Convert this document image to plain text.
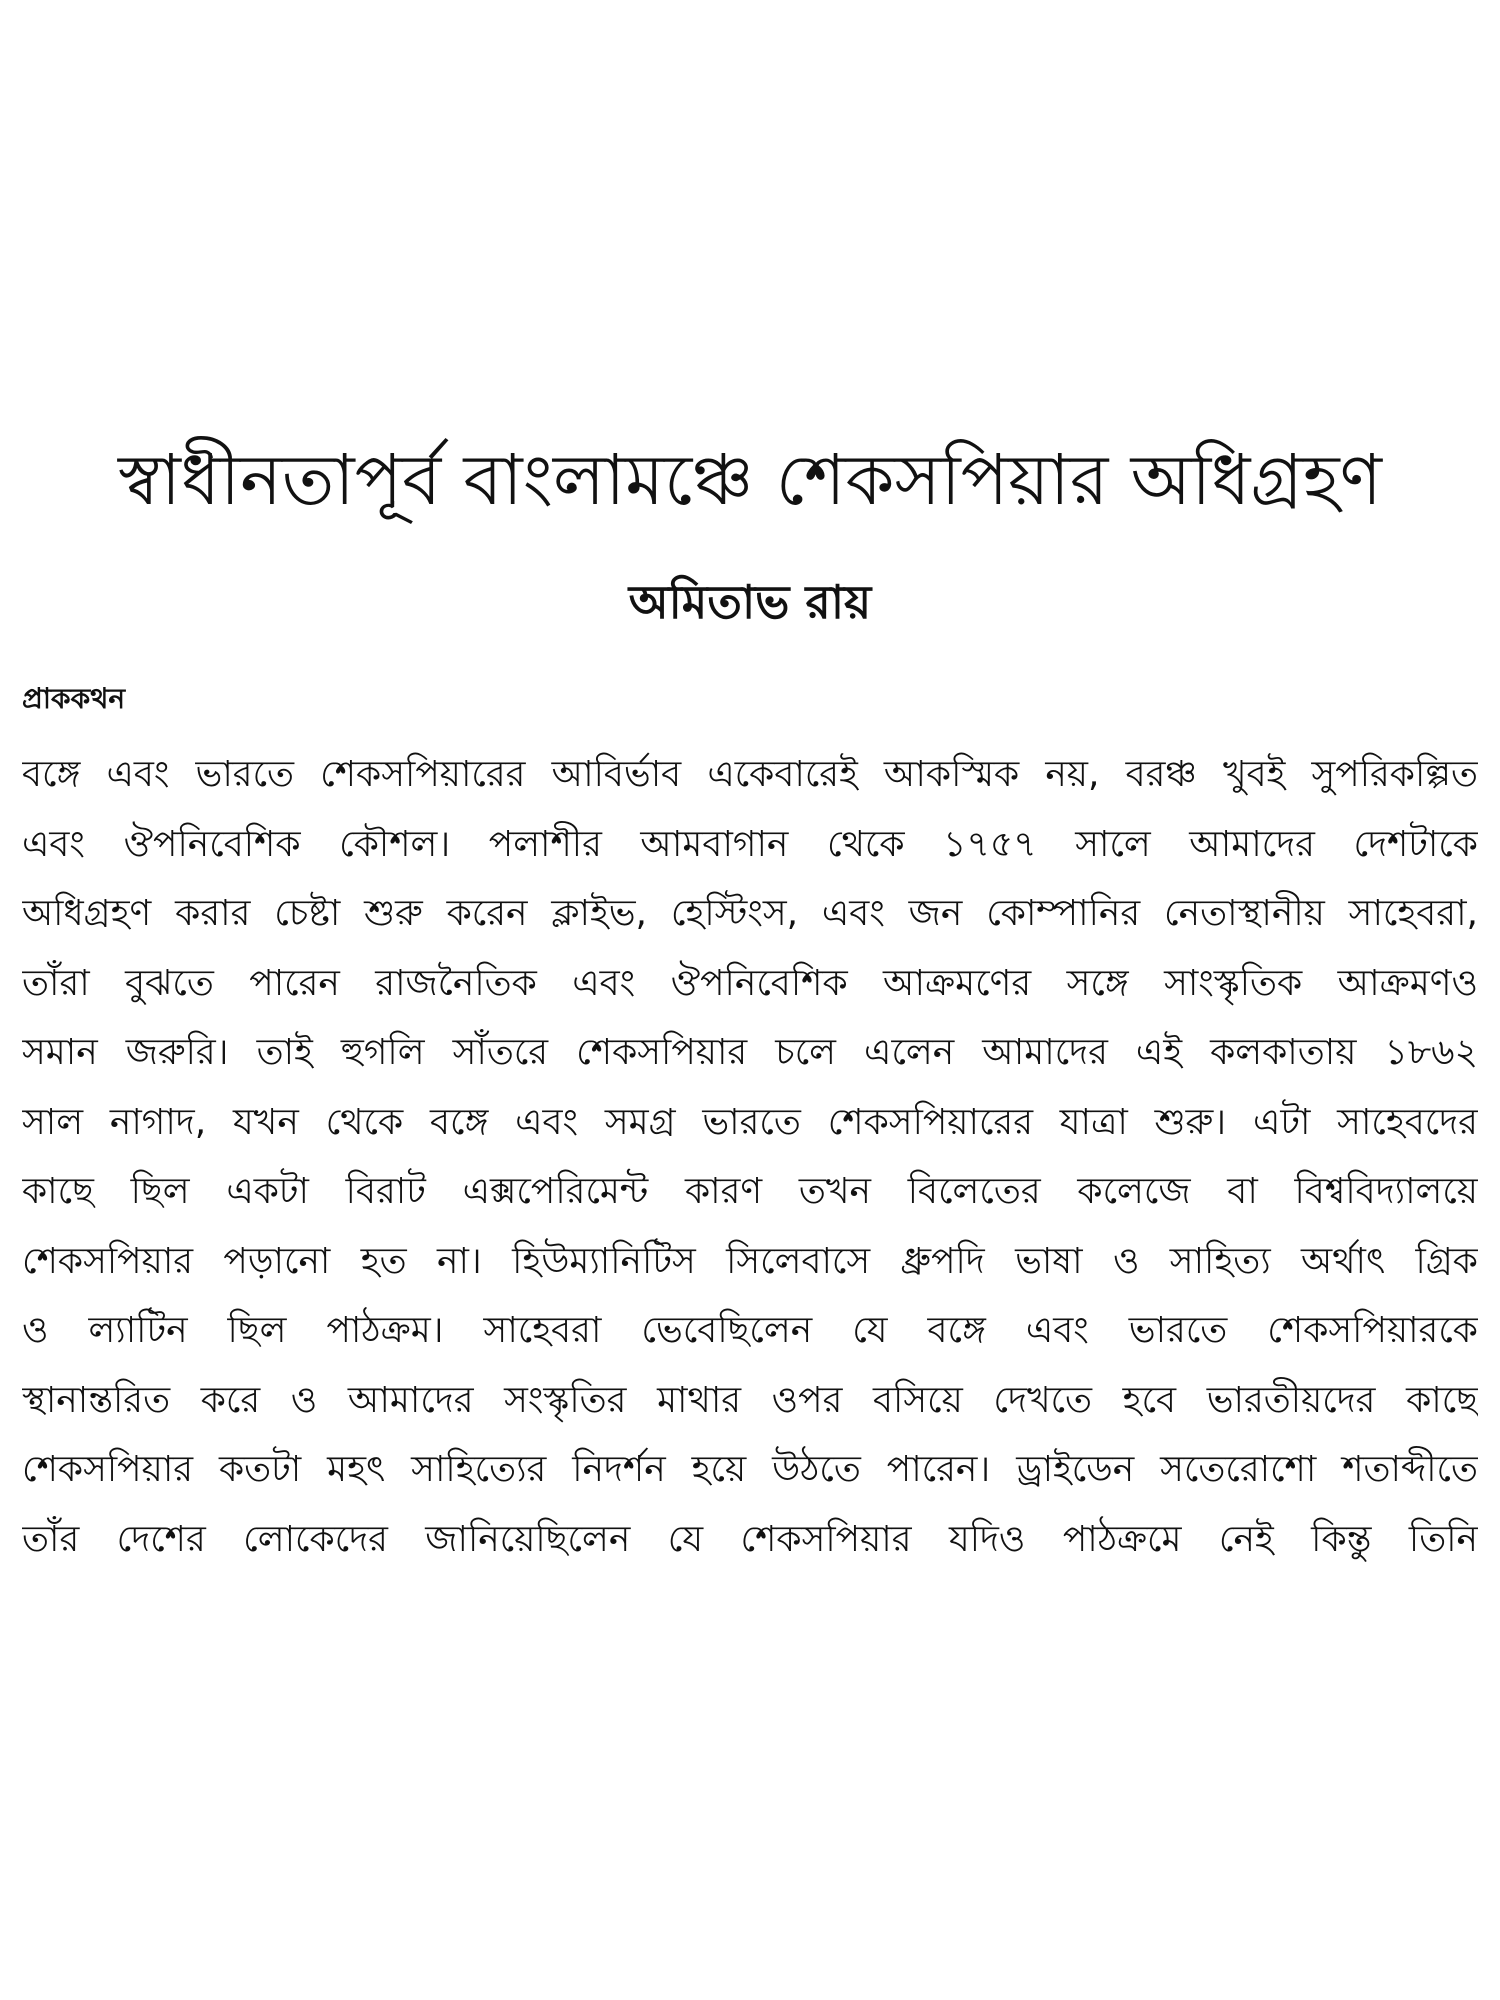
স্বাধীনতাপূর্ব বাংলামঞ্চে শেকসপিয়ার অধিগ্রহণ
অমিতাভ রায়
প্রাককথন
বঙ্গে এবং ভারতে শেকসপিয়ারের আবির্ভাব একেবারেই আকস্মিক নয়, বরঞ্চ খুবই সুপরিকল্পিত
এবং ঔপনিবেশিক কৌশল। পলাশীর আমবাগান থেকে ১৭৫৭ সালে আমাদের দেশটাকে
অধিগ্রহণ করার চেষ্টা শুরু করেন ক্লাইভ, হেস্টিংস, এবং জন কোম্পানির নেতাস্থানীয় সাহেবরা,
তাঁরা বুঝতে পারেন রাজনৈতিক এবং ঔপনিবেশিক আক্রমণের সঙ্গে সাংস্কৃতিক আক্রমণও
সমান জরুরি। তাই হুগলি সাঁতরে শেকসপিয়ার চলে এলেন আমাদের এই কলকাতায় ১৮৬২
সাল নাগাদ, যখন থেকে বঙ্গে এবং সমগ্র ভারতে শেকসপিয়ারের যাত্রা শুরু। এটা সাহেবদের
কাছে ছিল একটা বিরাট এক্সপেরিমেন্ট কারণ তখন বিলেতের কলেজে বা বিশ্ববিদ্যালয়ে
শেকসপিয়ার পড়ানো হত না। হিউম্যানিটিস সিলেবাসে ধ্রুপদি ভাষা ও সাহিত্য অর্থাৎ গ্রিক
ও ল্যাটিন ছিল পাঠক্রম। সাহেবরা ভেবেছিলেন যে বঙ্গে এবং ভারতে শেকসপিয়ারকে
স্থানান্তরিত করে ও আমাদের সংস্কৃতির মাথার ওপর বসিয়ে দেখতে হবে ভারতীয়দের কাছে
শেকসপিয়ার কতটা মহৎ সাহিত্যের নিদর্শন হয়ে উঠতে পারেন। ড্রাইডেন সতেরোশো শতাব্দীতে
তাঁর দেশের লোকেদের জানিয়েছিলেন যে শেকসপিয়ার যদিও পাঠক্রমে নেই কিন্তু তিনি
